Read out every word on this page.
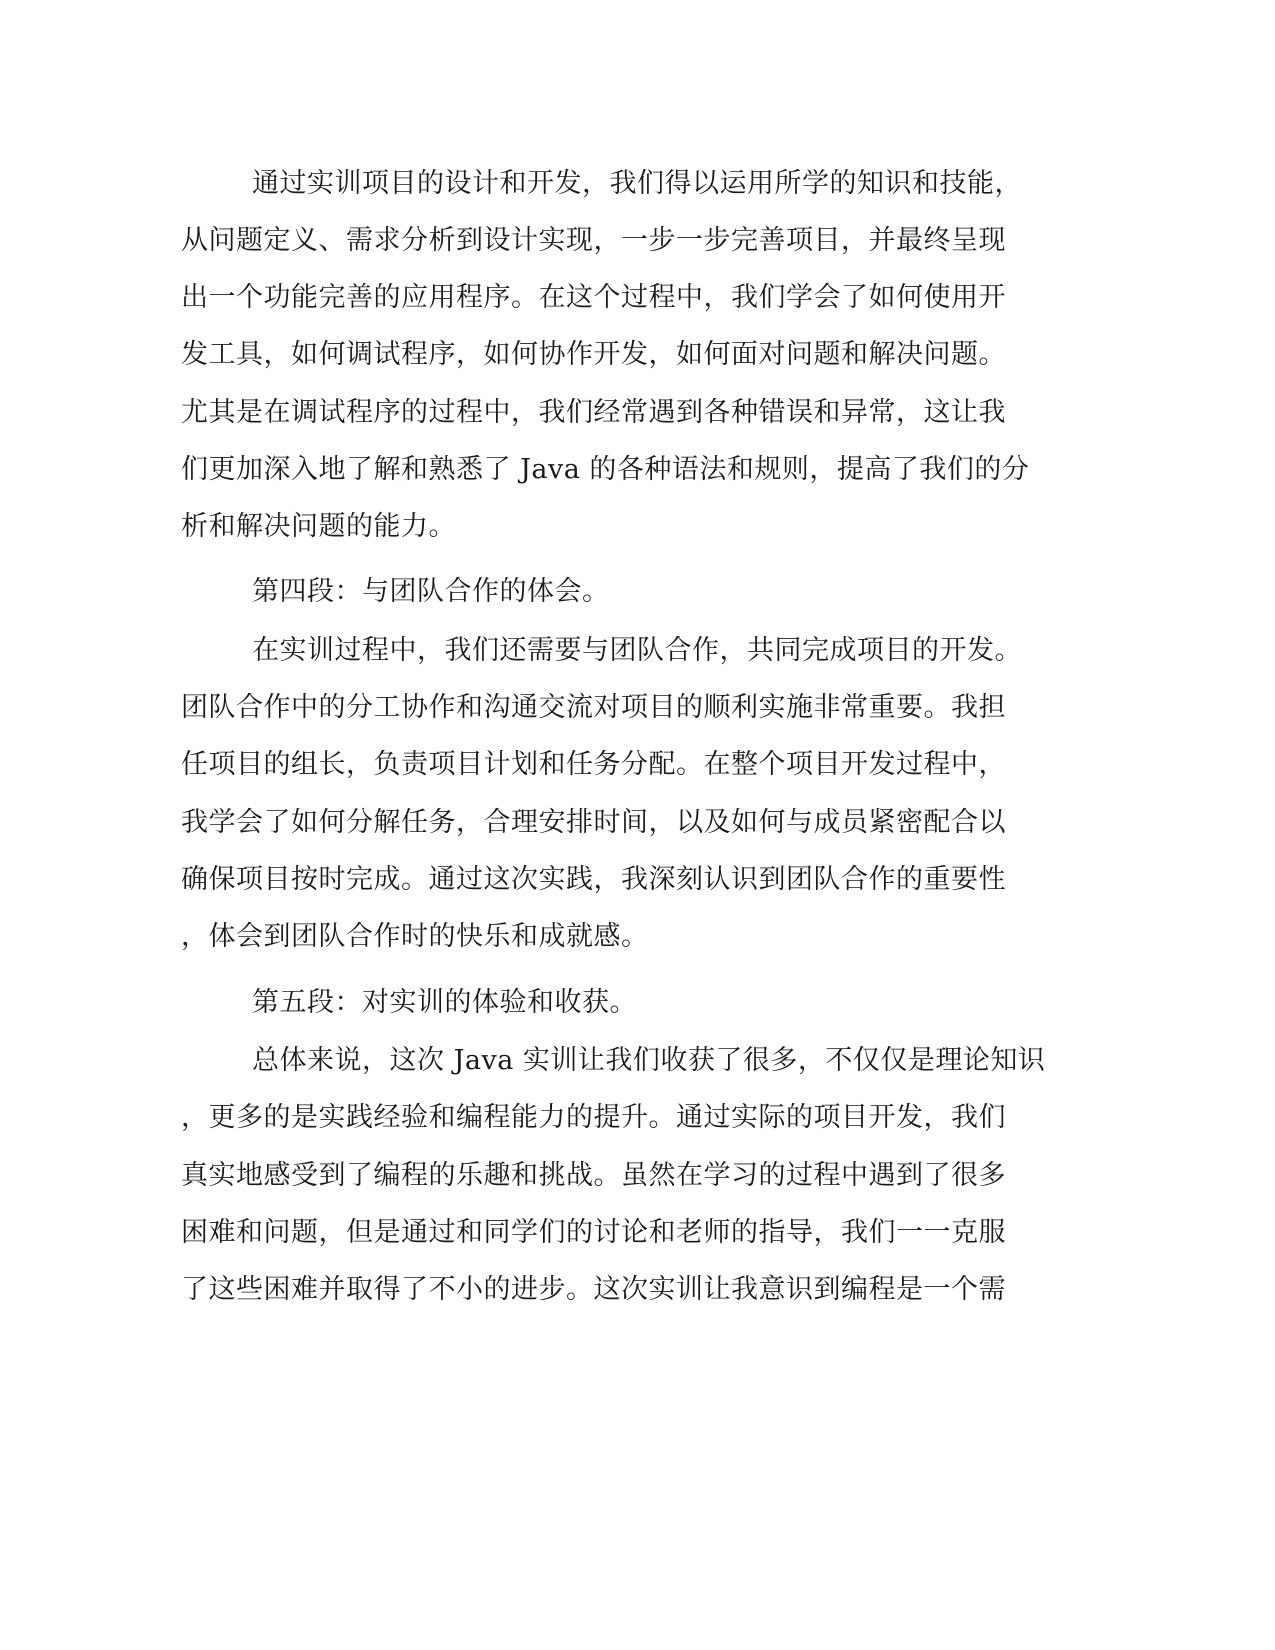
通过实训项目的设计和开发，我们得以运用所学的知识和技能，
从问题定义、需求分析到设计实现，一步一步完善项目，并最终呈现
出一个功能完善的应用程序。在这个过程中，我们学会了如何使用开
发工具，如何调试程序，如何协作开发，如何面对问题和解决问题。
尤其是在调试程序的过程中，我们经常遇到各种错误和异常，这让我
们更加深入地了解和熟悉了 Java 的各种语法和规则，提高了我们的分
析和解决问题的能力。
第四段：与团队合作的体会。
在实训过程中，我们还需要与团队合作，共同完成项目的开发。
团队合作中的分工协作和沟通交流对项目的顺利实施非常重要。我担
任项目的组长，负责项目计划和任务分配。在整个项目开发过程中，
我学会了如何分解任务，合理安排时间，以及如何与成员紧密配合以
确保项目按时完成。通过这次实践，我深刻认识到团队合作的重要性
，体会到团队合作时的快乐和成就感。
第五段：对实训的体验和收获。
总体来说，这次 Java 实训让我们收获了很多，不仅仅是理论知识
，更多的是实践经验和编程能力的提升。通过实际的项目开发，我们
真实地感受到了编程的乐趣和挑战。虽然在学习的过程中遇到了很多
困难和问题，但是通过和同学们的讨论和老师的指导，我们一一克服
了这些困难并取得了不小的进步。这次实训让我意识到编程是一个需
